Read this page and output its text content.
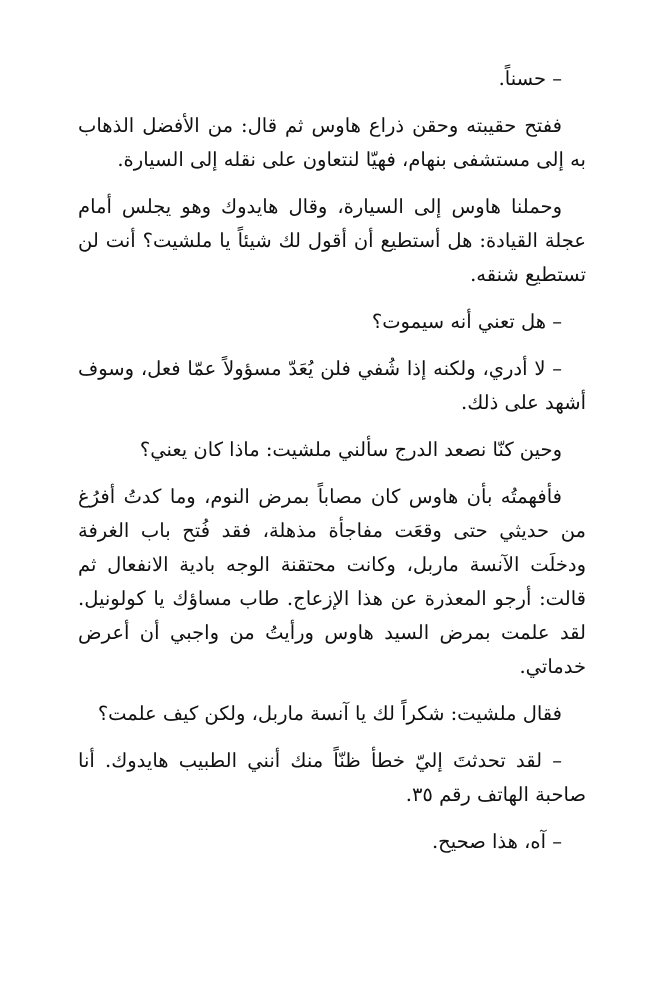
– حسناً.

ففتح حقيبته وحقن ذراع هاوس ثم قال: من الأفضل الذهاب به إلى مستشفى بنهام، فهيّا لنتعاون على نقله إلى السيارة.

وحملنا هاوس إلى السيارة، وقال هايدوك وهو يجلس أمام عجلة القيادة: هل أستطيع أن أقول لك شيئاً يا ملشيت؟ أنت لن تستطيع شنقه.

– هل تعني أنه سيموت؟

– لا أدري، ولكنه إذا شُفي فلن يُعَدّ مسؤولاً عمّا فعل، وسوف أشهد على ذلك.

وحين كنّا نصعد الدرج سألني ملشيت: ماذا كان يعني؟

فأفهمتُه بأن هاوس كان مصاباً بمرض النوم، وما كدتُ أفرُغ من حديثي حتى وقعَت مفاجأة مذهلة، فقد فُتح باب الغرفة ودخلَت الآنسة ماربل، وكانت محتقنة الوجه بادية الانفعال ثم قالت: أرجو المعذرة عن هذا الإزعاج. طاب مساؤك يا كولونيل. لقد علمت بمرض السيد هاوس ورأيتُ من واجبي أن أعرض خدماتي.

فقال ملشيت: شكراً لك يا آنسة ماربل، ولكن كيف علمت؟

– لقد تحدثتَ إليّ خطأ ظنّاً منك أنني الطبيب هايدوك. أنا صاحبة الهاتف رقم ٣٥.

– آه، هذا صحيح.
